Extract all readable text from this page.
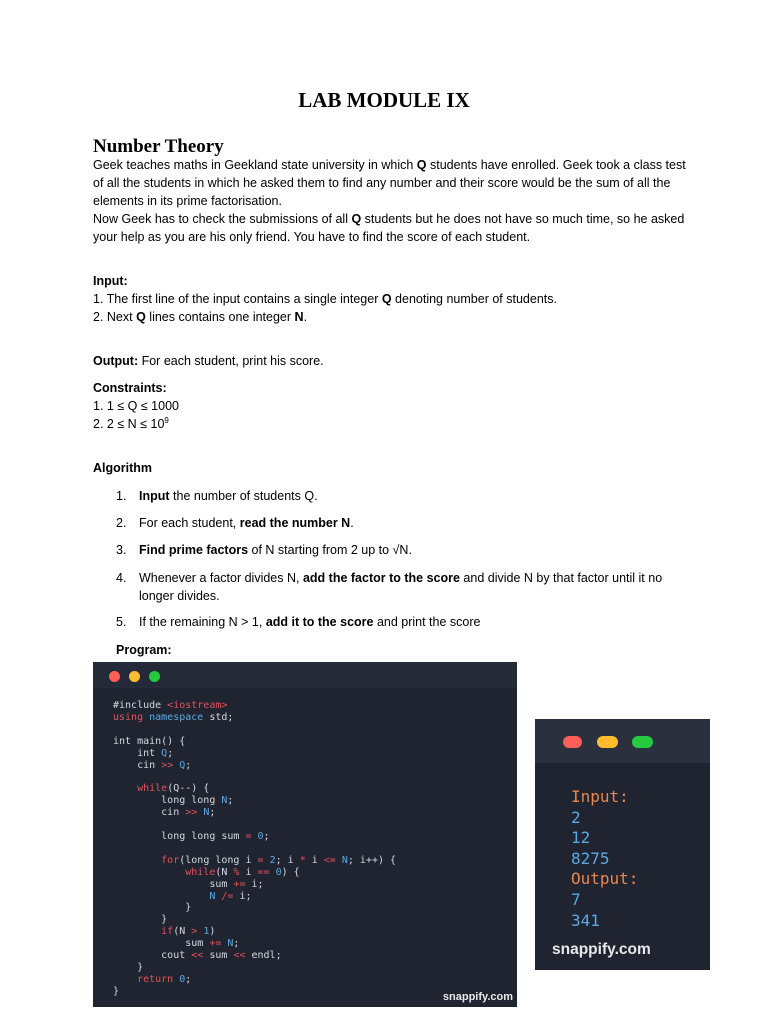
LAB MODULE IX
Number Theory

Geek teaches maths in Geekland state university in which Q students have enrolled. Geek took a class test of all the students in which he asked them to find any number and their score would be the sum of all the elements in its prime factorisation.

Now Geek has to check the submissions of all Q students but he does not have so much time, so he asked your help as you are his only friend. You have to find the score of each student.

Input:

1. The first line of the input contains a single integer Q denoting number of students.

2. Next Q lines contains one integer N.

Output: For each student, print his score.

Constraints:

1. 1 ≤ Q ≤ 1000

2. $2 \le N \le 10^9$

Algorithm
1.	Input the number of students Q.
2.	For each student, read the number N.
3.	Find prime factors of N starting from 2 up to √N.
4.	Whenever a factor divides N, add the factor to the score and divide N by that factor until it no longer divides.
5.	If the remaining N > 1, add it to the score and print the score
Program:
#include <iostream>
using namespace std;

int main() {
int Q;
cin >> Q;

while(Q--) {
long long N;
cin >> N;

long long sum = 0;

for(long long i = 2; i * i <= N; i++) {
while(N % i == 0) {
sum += i;
N /= i;
}
}
if(N > 1)
sum += N;
cout << sum << endl;
}
return 0;
}	snappify.com
Input:
2
12
8275
Output:
7
341
snappify.com
